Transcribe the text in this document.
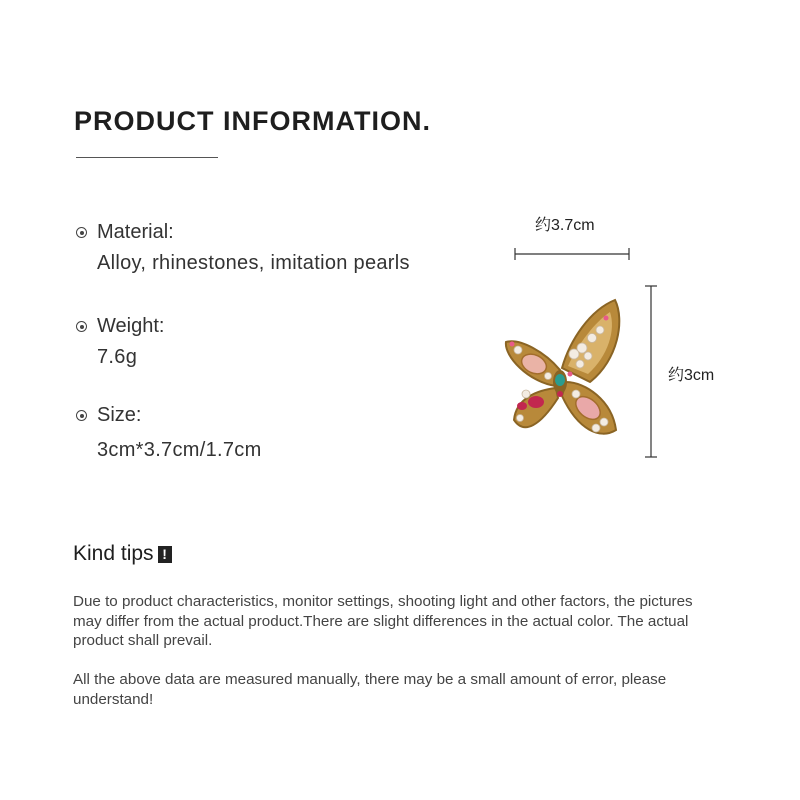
PRODUCT INFORMATION.
Material:
Alloy, rhinestones, imitation pearls
Weight:
7.6g
Size:
3cm*3.7cm/1.7cm
约3.7cm
约3cm
Kind tips !

Due to product characteristics, monitor settings, shooting light and other factors, the pictures may differ from the actual product.There are slight differences in the actual color. The actual product shall prevail.

All the above data are measured manually, there may be a small amount of error, please understand!
